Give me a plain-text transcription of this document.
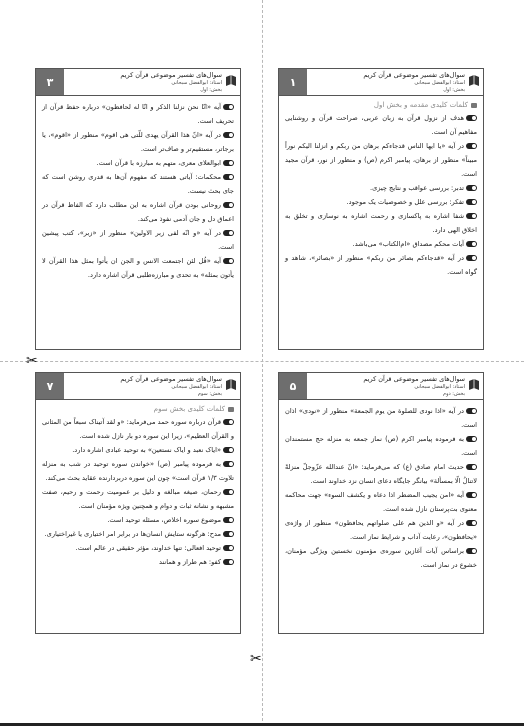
✂
✂
۱
سوال‌های تفسیر موضوعی قرآن کریم
استاد: ابوالفضل سبحانی
بخش: اول
کلمات کلیدی مقدمه و بخش اول
هدف از نزول قرآن به زبان عربی، صراحت قرآن و روشنایی مفاهیم آن است.
در آیه «یا ایها الناس قدجاءکم برهان من ربکم و انزلنا الیکم نوراً مبیناً» منظور از برهان، پیامبر اکرم (ص) و منظور از نور، قرآن مجید است.
تدبر: بررسی عواقب و نتایج چیزی.
تفکر: بررسی علل و خصوصیات یک موجود.
شفا اشاره به پاکسازی و رحمت اشاره به نوسازی و تخلق به اخلاق الهی دارد.
آیات محکم مصداق «ام‌الکتاب» می‌باشد.
در آیه «قدجاءکم بصائر من ربکم» منظور از «بصائر»، شاهد و گواه است.
۳
سوال‌های تفسیر موضوعی قرآن کریم
استاد: ابوالفضل سبحانی
بخش: اول
آیه «انّا نحن نزلنا الذکر و انّا له لحافظون» درباره حفظ قرآن از تحریف است.
در آیه «انّ هذا القرآن یهدی للّتی هی اقوم» منظور از «اقوم»، یا برجاتر، مستقیم‌تر و صاف‌تر است.
ابوالعلای معری، متهم به مبارزه با قرآن است.
محکمات: آیاتی هستند که مفهوم آن‌ها به قدری روشن است که جای بحث نیست.
روحانی بودن قرآن اشاره به این مطلب دارد که الفاظ قرآن در اعماق دل و جان آدمی نفوذ می‌کند.
در آیه «و انّه لفی زبر الاولین» منظور از «زبر»، کتب پیشین است.
آیه «قُل لئن اجتمعت الانس و الجن ان یأتوا بمثل هذا القرآن لا یأتون بمثله» به تحدی و مبارزه‌طلبی قرآن اشاره دارد.
۵
سوال‌های تفسیر موضوعی قرآن کریم
استاد: ابوالفضل سبحانی
بخش: دوم
در آیه «اذا نودی للصلوة من یوم الجمعة» منظور از «نودی» اذان است.
به فرموده پیامبر اکرم (ص) نماز جمعه به منزله حج مستمندان است.
حدیث امام صادق (ع) که می‌فرماید: «انّ عندالله عزّوجلّ منزلةً لاتنالُ الّا بمسألة» بیانگر جایگاه دعای انسان نزد خداوند است.
آیه «امن یجیب المضطر اذا دعاه و یکشف السوء» جهت محاکمه معنوی بت‌پرستان نازل شده است.
در آیه «و الذین هم علی صلواتهم یحافظون» منظور از واژه‌ی «یحافظون»، رعایت آداب و شرایط نماز است.
براساس آیات آغازین سوره‌ی مؤمنون نخستین ویژگی مؤمنان، خشوع در نماز است.
۷
سوال‌های تفسیر موضوعی قرآن کریم
استاد: ابوالفضل سبحانی
بخش: سوم
کلمات کلیدی بخش سوم
قرآن درباره سوره حمد می‌فرماید: «و لقد آتیناک سبعاً من المثانی و القرآن العظیم»، زیرا این سوره دو بار نازل شده است.
«ایاک نعبد و ایاک نستعین» به توحید عبادی اشاره دارد.
به فرموده پیامبر (ص) «خواندن سوره توحید در شب به منزله تلاوت ۱/۳ قرآن است» چون این سوره دربردارنده عقاید بحث می‌کند.
رحمان، صیغه مبالغه و دلیل بر عمومیت رحمت و رحیم، صفت مشبهه و نشانه ثبات و دوام و همچنین ویژه مؤمنان است.
موضوع سوره اخلاص، مسئله توحید است.
مدح: هرگونه ستایش انسان‌ها در برابر امر اختیاری یا غیراختیاری.
توحید افعالی: تنها خداوند، مؤثر حقیقی در عالم است.
کفو: هم طراز و همانند
